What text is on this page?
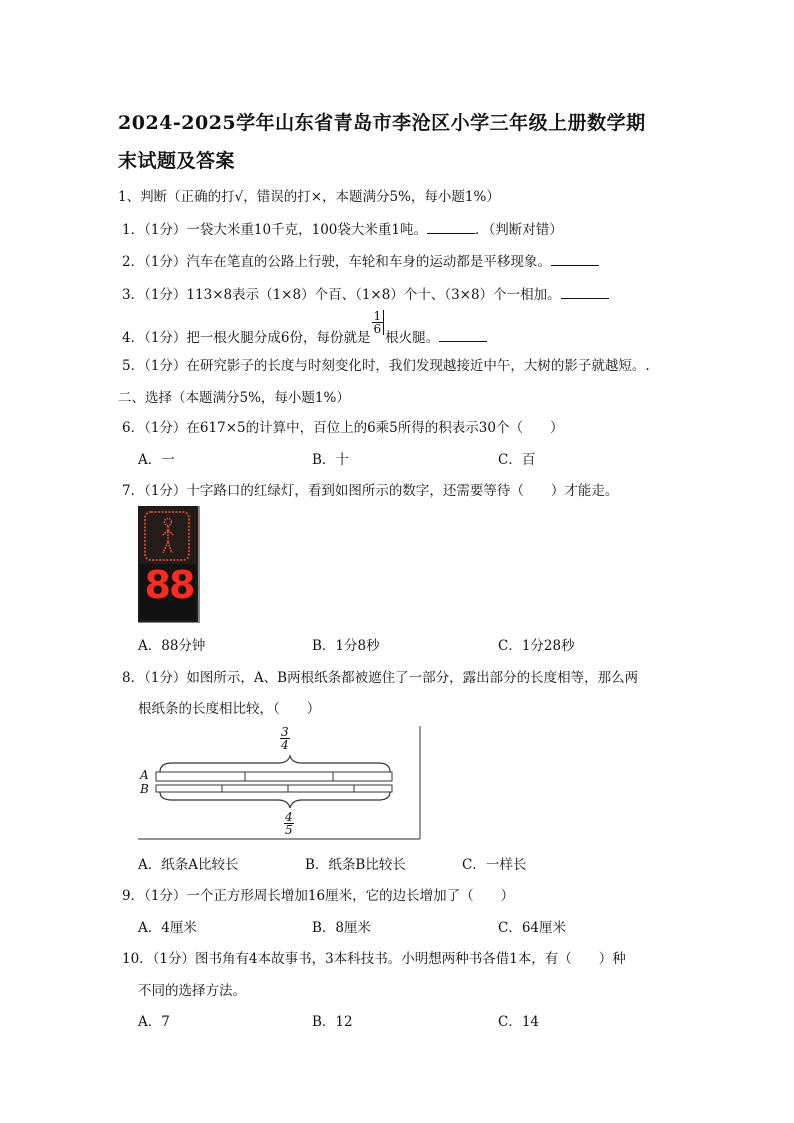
2024-2025学年山东省青岛市李沧区小学三年级上册数学期
末试题及答案
1、判断（正确的打√，错误的打×，本题满分5%，每小题1%）
1．（1分）一袋大米重10千克，100袋大米重1吨。	．（判断对错）
2．（1分）汽车在笔直的公路上行驶，车轮和车身的运动都是平移现象。
3．（1分）113×8表示（1×8）个百、（1×8）个十、（3×8）个一相加。
4．（1分）把一根火腿分成6份，每份就是
$\frac{1}{6}$
根火腿。
5．（1分）在研究影子的长度与时刻变化时，我们发现越接近中午，大树的影子就越短。.
二、选择（本题满分5%，每小题1%）
6．（1分）在617×5的计算中，百位上的6乘5所得的积表示30个（　　）
A．一	B．十	C．百
7．（1分）十字路口的红绿灯，看到如图所示的数字，还需要等待（　　）才能走。
88
A．88分钟	B．1分8秒	C．1分28秒
8．（1分）如图所示，A、B两根纸条都被遮住了一部分，露出部分的长度相等，那么两
根纸条的长度相比较，（　　）
$\frac{3}{4}$
A
B
$\frac{4}{5}$
A．纸条A比较长	B．纸条B比较长	C．一样长
9．（1分）一个正方形周长增加16厘米，它的边长增加了（　　）
A．4厘米	B．8厘米	C．64厘米
10．（1分）图书角有4本故事书，3本科技书。小明想两种书各借1本，有（　　）种
不同的选择方法。
A．7	B．12	C．14
